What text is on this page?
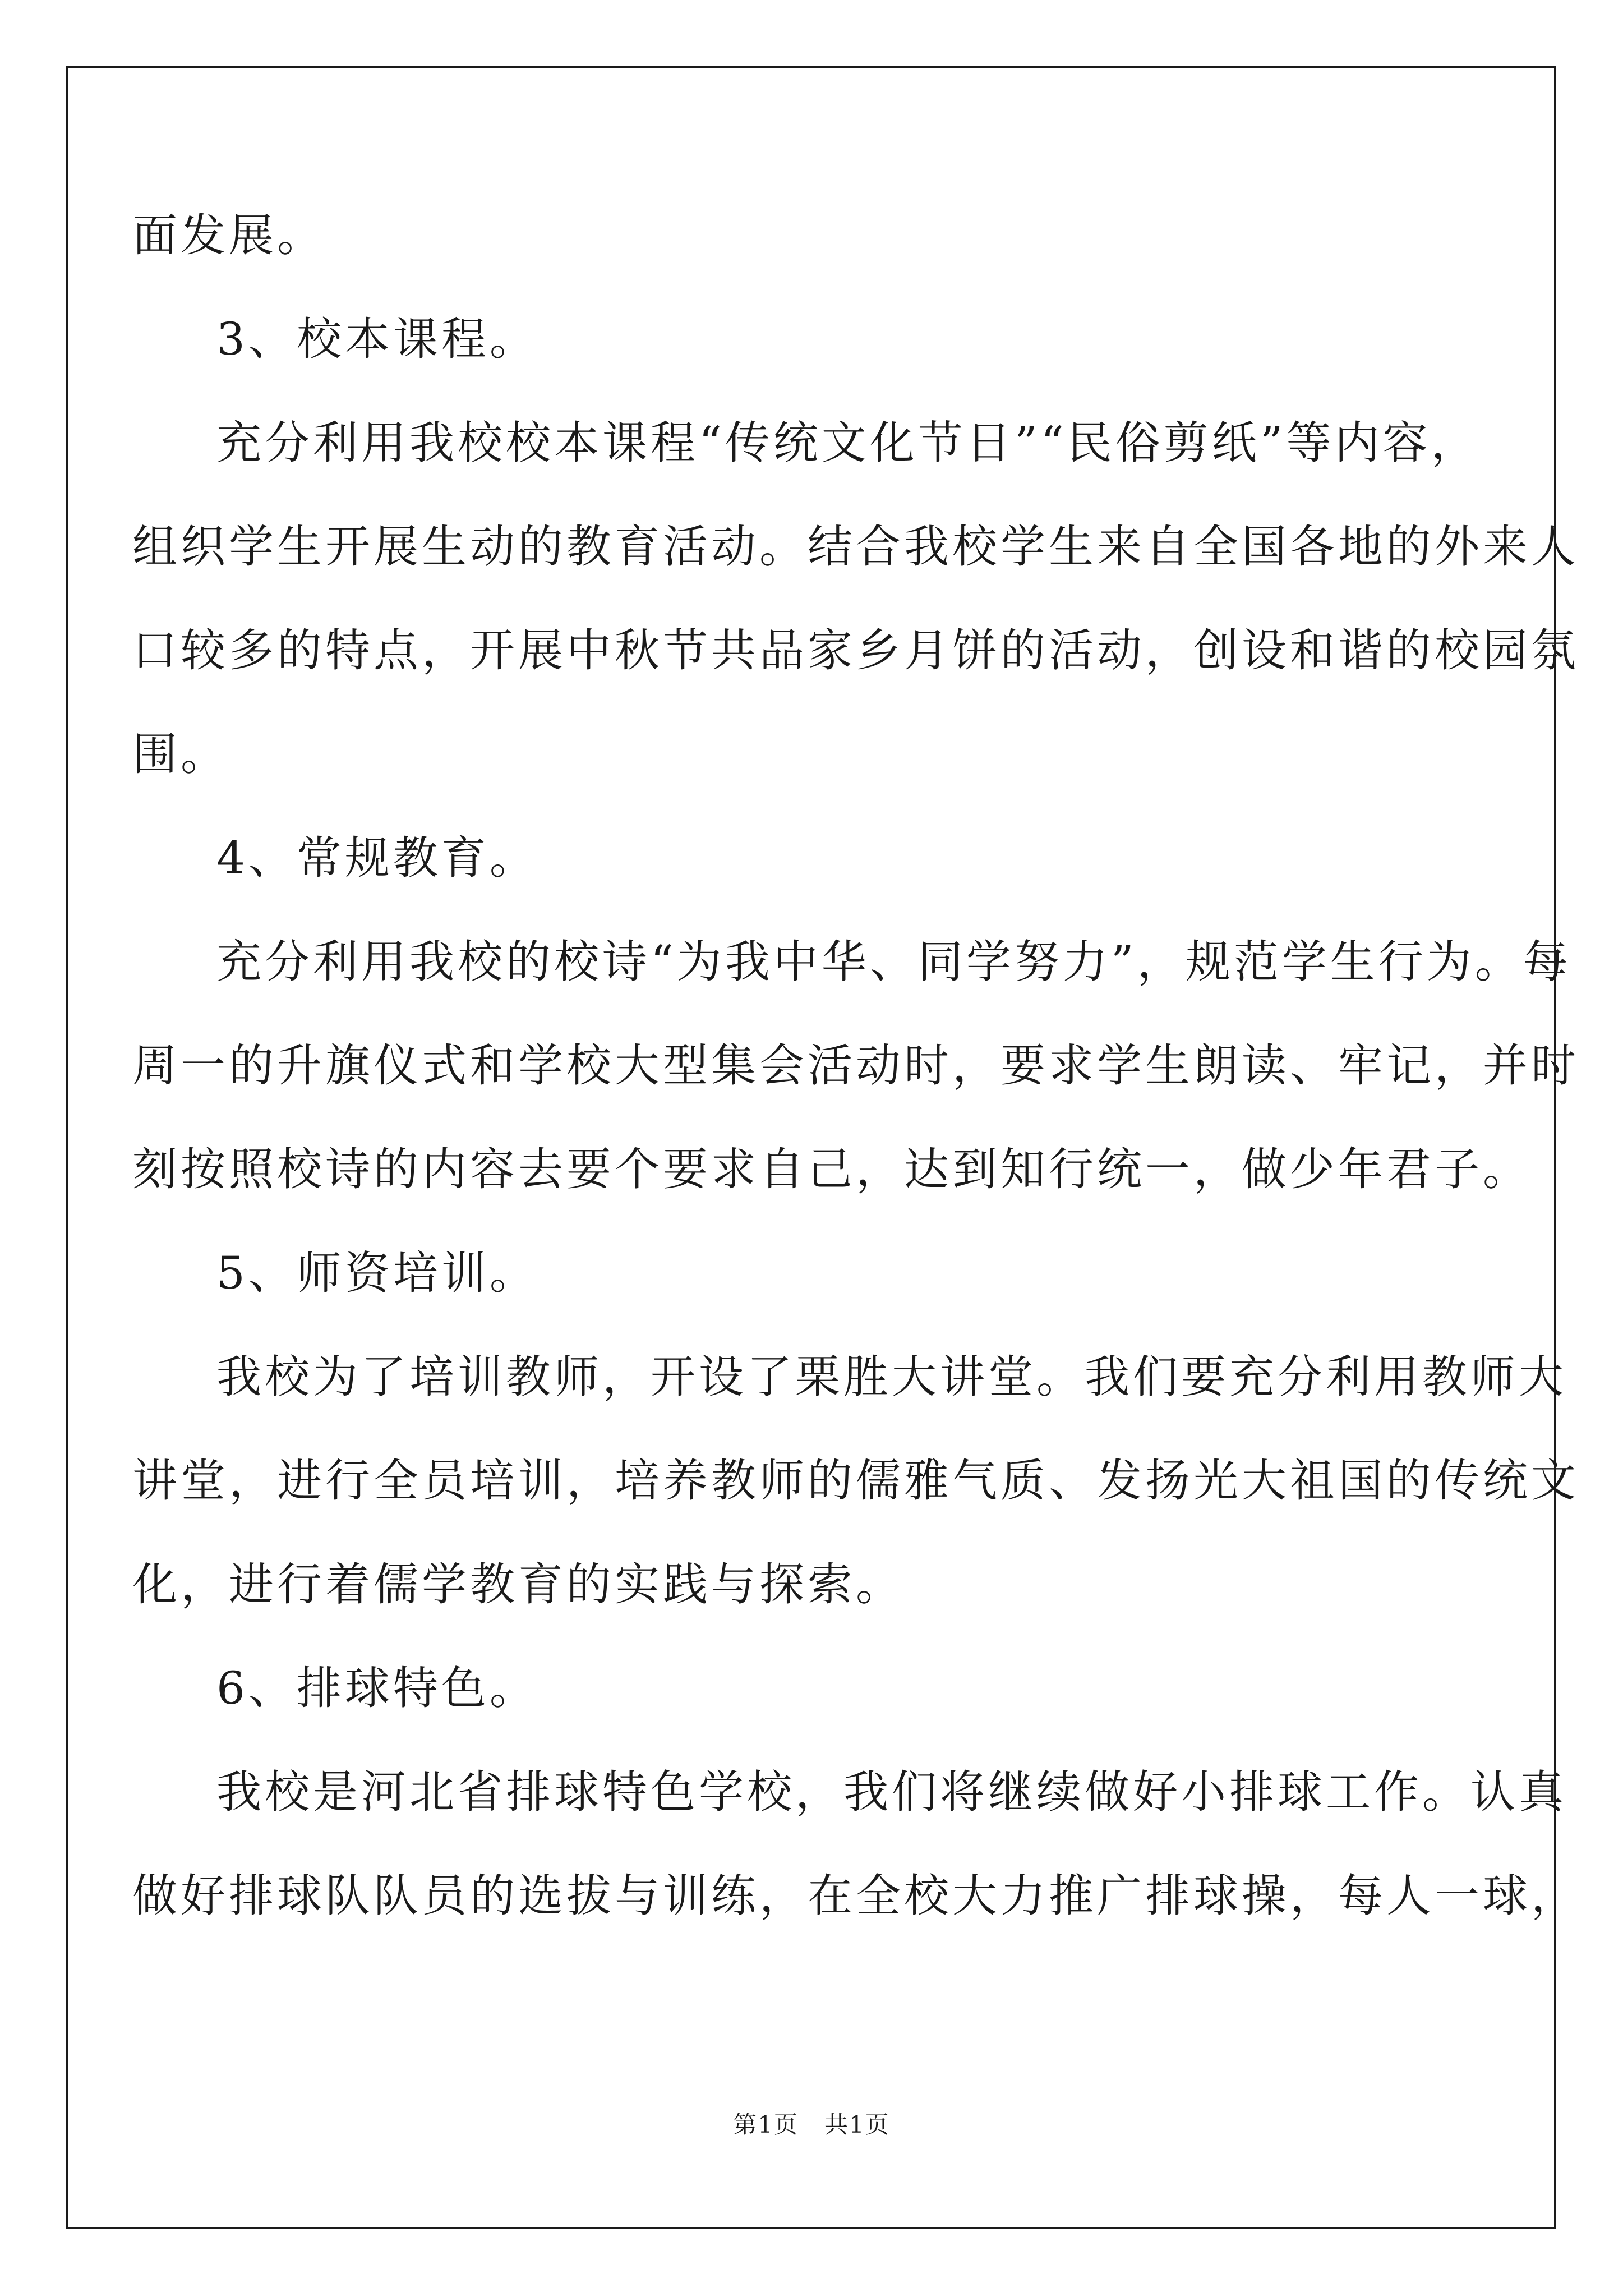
面发展。
3、校本课程。
充分利用我校校本课程“传统文化节日”“民俗剪纸”等内容，
组织学生开展生动的教育活动。结合我校学生来自全国各地的外来人
口较多的特点，开展中秋节共品家乡月饼的活动，创设和谐的校园氛
围。
4、常规教育。
充分利用我校的校诗“为我中华、同学努力”，规范学生行为。每
周一的升旗仪式和学校大型集会活动时，要求学生朗读、牢记，并时
刻按照校诗的内容去要个要求自己，达到知行统一，做少年君子。
5、师资培训。
我校为了培训教师，开设了栗胜大讲堂。我们要充分利用教师大
讲堂，进行全员培训，培养教师的儒雅气质、发扬光大祖国的传统文
化，进行着儒学教育的实践与探索。
6、排球特色。
我校是河北省排球特色学校，我们将继续做好小排球工作。认真
做好排球队队员的选拔与训练，在全校大力推广排球操，每人一球，
第1页   共1页
